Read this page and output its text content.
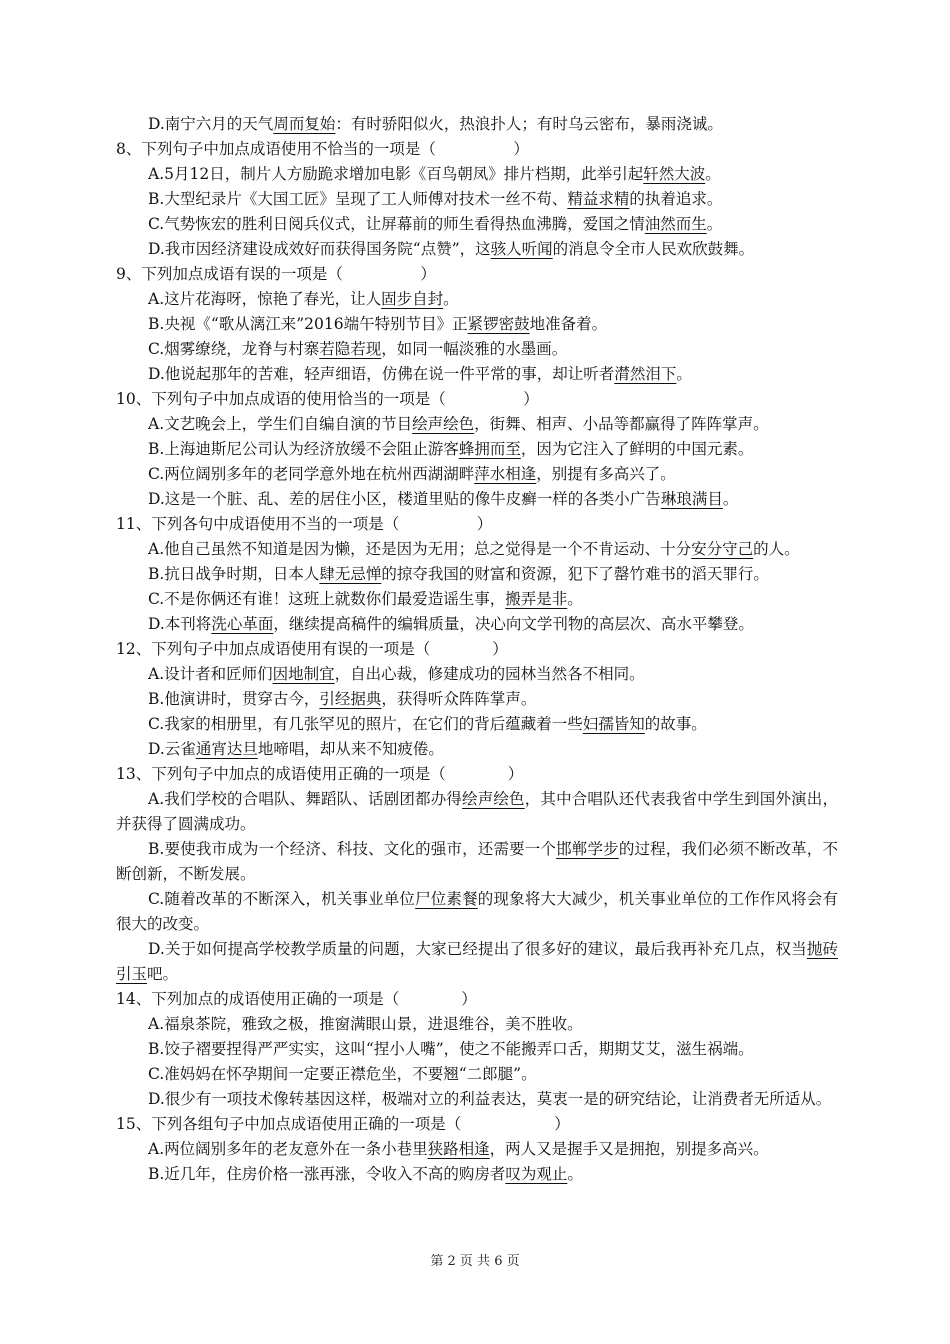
D.南宁六月的天气周而复始：有时骄阳似火，热浪扑人；有时乌云密布，暴雨浇诚。
8、下列句子中加点成语使用不恰当的一项是（　　　　　）
A.5月12日，制片人方励跪求增加电影《百鸟朝凤》排片档期，此举引起轩然大波。
B.大型纪录片《大国工匠》呈现了工人师傅对技术一丝不苟、精益求精的执着追求。
C.气势恢宏的胜利日阅兵仪式，让屏幕前的师生看得热血沸腾，爱国之情油然而生。
D.我市因经济建设成效好而获得国务院“点赞”，这骇人听闻的消息令全市人民欢欣鼓舞。
9、下列加点成语有误的一项是（　　　　　）
A.这片花海呀，惊艳了春光，让人固步自封。
B.央视《“歌从漓江来”2016端午特别节目》正紧锣密鼓地准备着。
C.烟雾缭绕，龙脊与村寨若隐若现，如同一幅淡雅的水墨画。
D.他说起那年的苦难，轻声细语，仿佛在说一件平常的事，却让听者潸然泪下。
10、下列句子中加点成语的使用恰当的一项是（　　　　　）
A.文艺晚会上，学生们自编自演的节目绘声绘色，街舞、相声、小品等都赢得了阵阵掌声。
B.上海迪斯尼公司认为经济放缓不会阻止游客蜂拥而至，因为它注入了鲜明的中国元素。
C.两位阔别多年的老同学意外地在杭州西湖湖畔萍水相逢，别提有多高兴了。
D.这是一个脏、乱、差的居住小区，楼道里贴的像牛皮癣一样的各类小广告琳琅满目。
11、下列各句中成语使用不当的一项是（　　　　　）
A.他自己虽然不知道是因为懒，还是因为无用；总之觉得是一个不肯运动、十分安分守己的人。
B.抗日战争时期，日本人肆无忌惮的掠夺我国的财富和资源，犯下了罄竹难书的滔天罪行。
C.不是你俩还有谁！这班上就数你们最爱造谣生事，搬弄是非。
D.本刊将洗心革面，继续提高稿件的编辑质量，决心向文学刊物的高层次、高水平攀登。
12、下列句子中加点成语使用有误的一项是（　　　　）
A.设计者和匠师们因地制宜，自出心裁，修建成功的园林当然各不相同。
B.他演讲时，贯穿古今，引经据典，获得听众阵阵掌声。
C.我家的相册里，有几张罕见的照片，在它们的背后蕴藏着一些妇孺皆知的故事。
D.云雀通宵达旦地啼唱，却从来不知疲倦。
13、下列句子中加点的成语使用正确的一项是（　　　　）
A.我们学校的合唱队、舞蹈队、话剧团都办得绘声绘色，其中合唱队还代表我省中学生到国外演出，并获得了圆满成功。
B.要使我市成为一个经济、科技、文化的强市，还需要一个邯郸学步的过程，我们必须不断改革，不断创新，不断发展。
C.随着改革的不断深入，机关事业单位尸位素餐的现象将大大减少，机关事业单位的工作作风将会有很大的改变。
D.关于如何提高学校教学质量的问题，大家已经提出了很多好的建议，最后我再补充几点，权当抛砖引玉吧。
14、下列加点的成语使用正确的一项是（　　　　）
A.福泉茶院，雅致之极，推窗满眼山景，进退维谷，美不胜收。
B.饺子褶要捏得严严实实，这叫“捏小人嘴”，使之不能搬弄口舌，期期艾艾，滋生祸端。
C.准妈妈在怀孕期间一定要正襟危坐，不要翘“二郎腿”。
D.很少有一项技术像转基因这样，极端对立的利益表达，莫衷一是的研究结论，让消费者无所适从。
15、下列各组句子中加点成语使用正确的一项是（　　　　　　）
A.两位阔别多年的老友意外在一条小巷里狭路相逢，两人又是握手又是拥抱，别提多高兴。
B.近几年，住房价格一涨再涨，令收入不高的购房者叹为观止。
第 2 页 共 6 页
